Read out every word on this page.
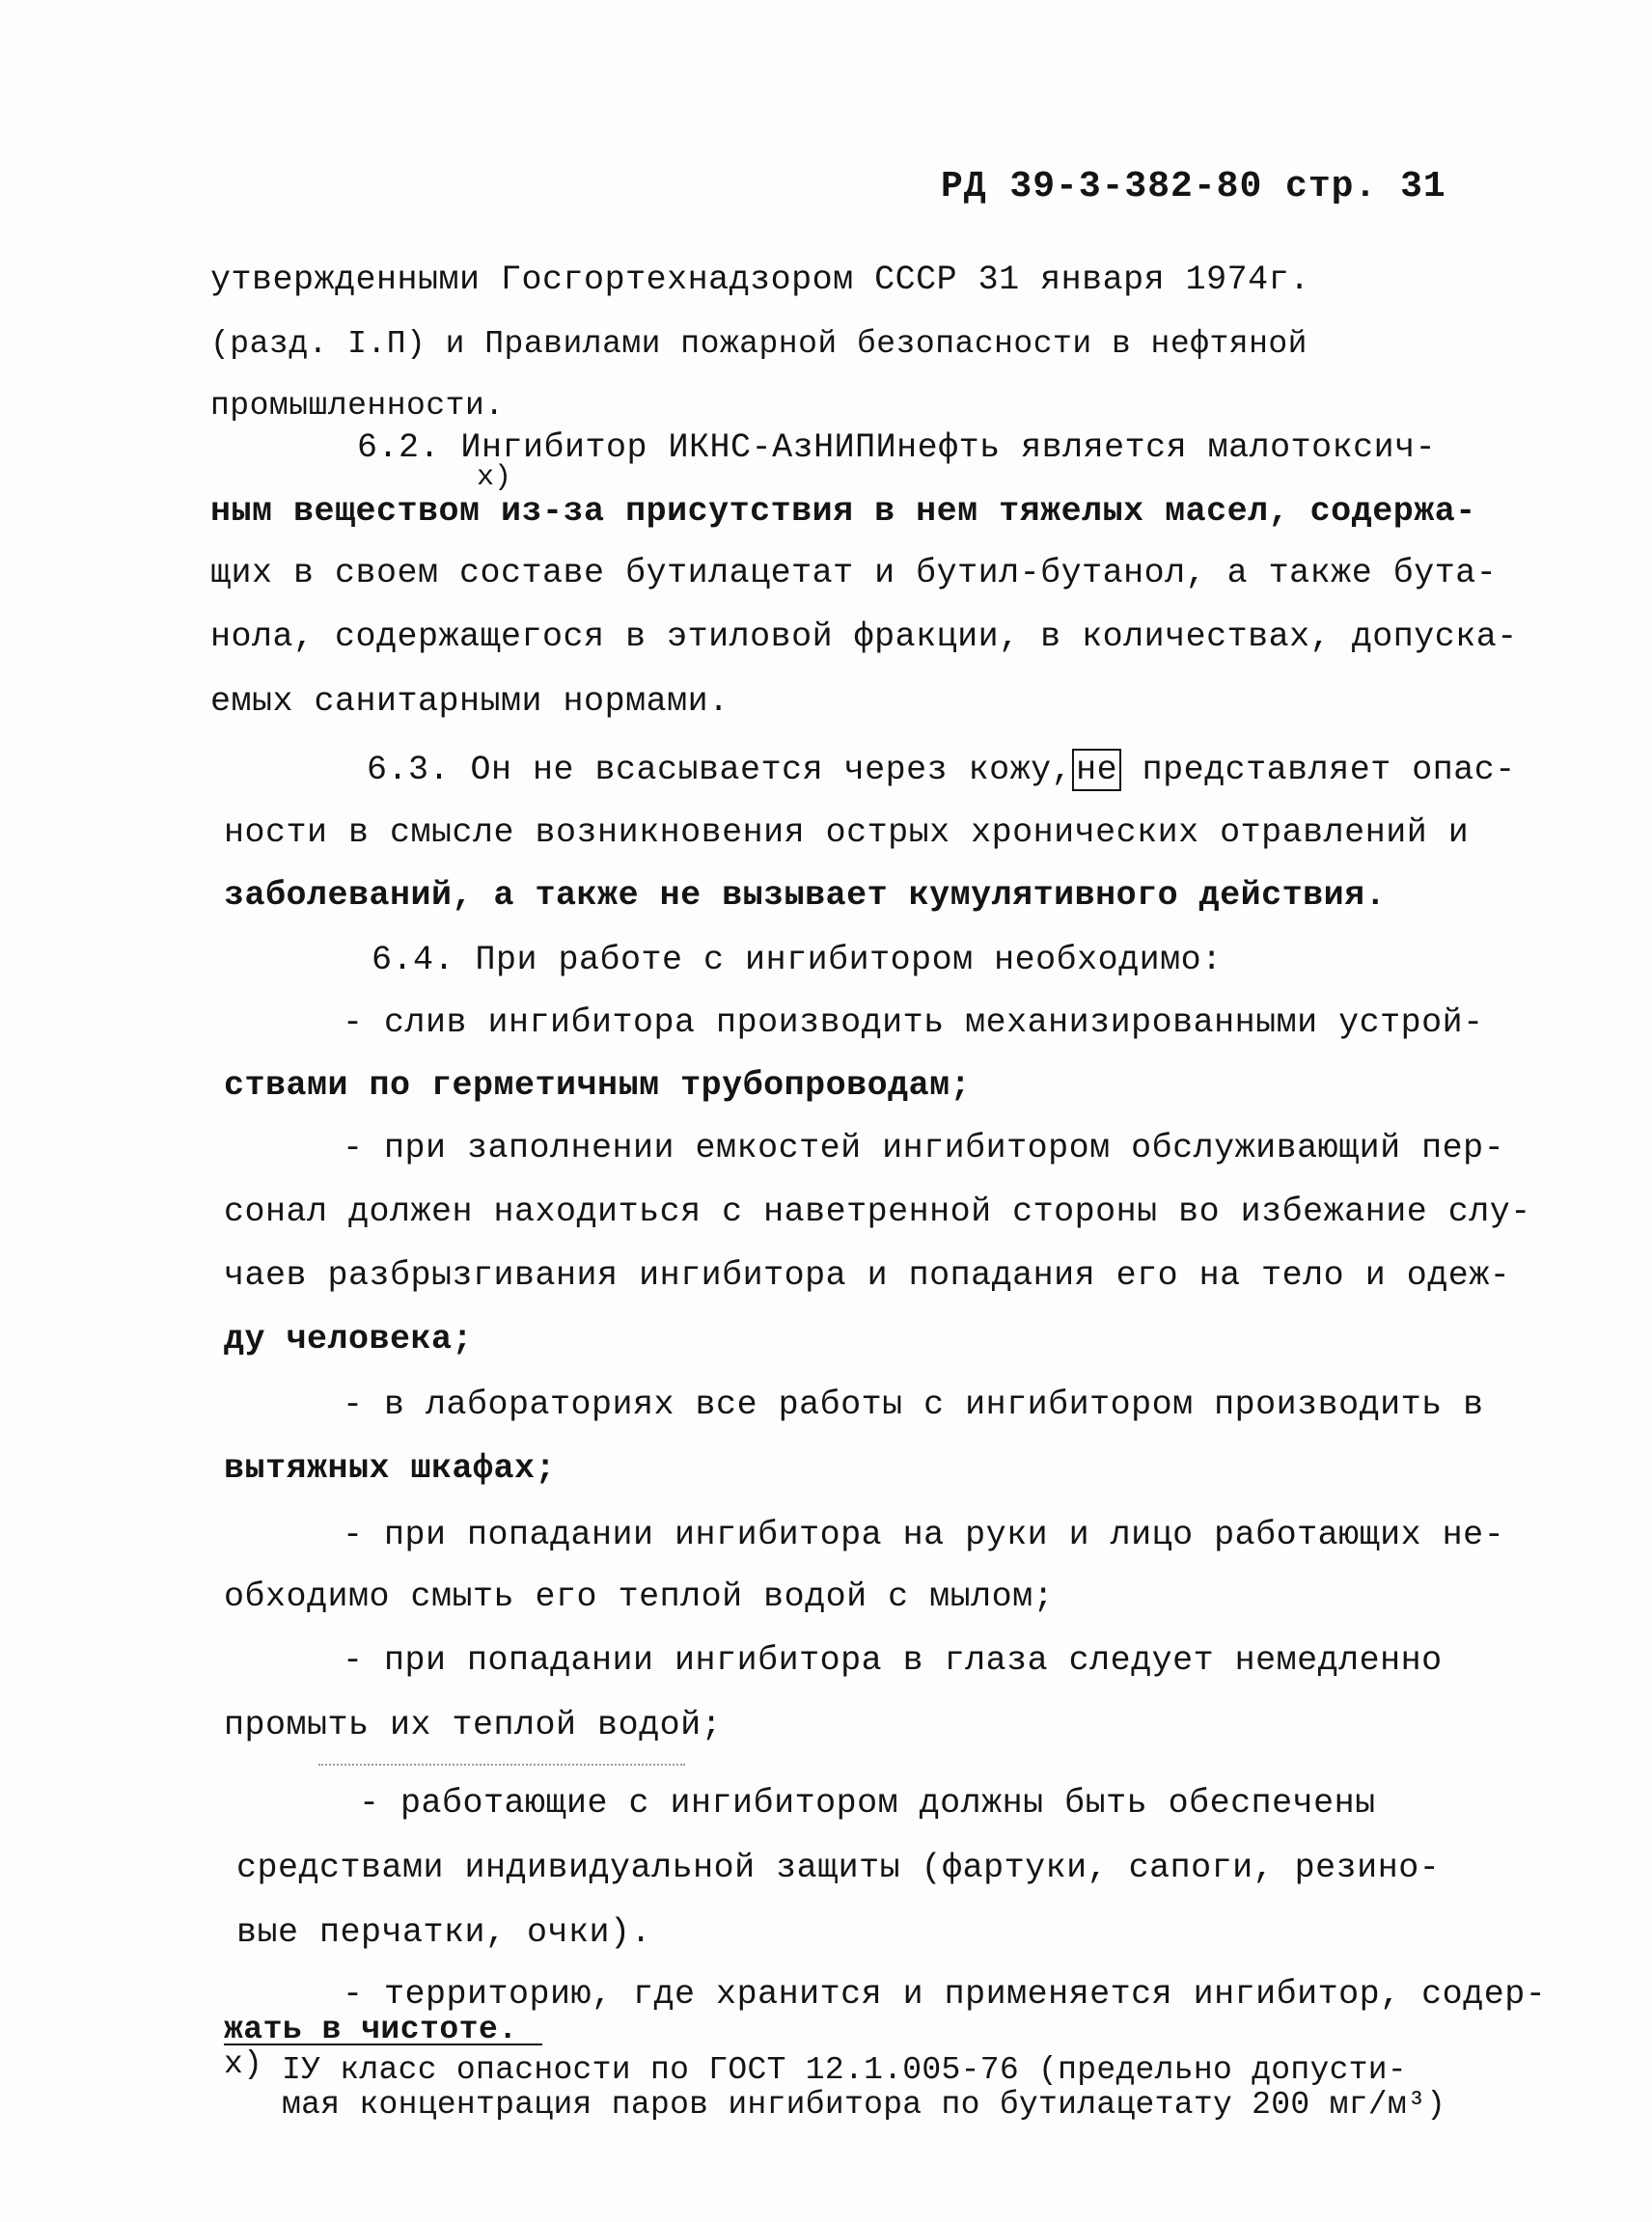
РД 39-3-382-80 стр. 31
утвержденными Госгортехнадзором СССР 31 января 1974г.
(разд. I.П) и Правилами пожарной безопасности в нефтяной
промышленности.
6.2. Ингибитор ИКНС-АзНИПИнефть является малотоксич-
х)
ным веществом из-за присутствия в нем тяжелых масел, содержа-
щих в своем составе бутилацетат и бутил-бутанол, а также бута-
нола, содержащегося в этиловой фракции, в количествах, допуска-
емых санитарными нормами.
6.3. Он не всасывается через кожу, не представляет опас-
ности в смысле возникновения острых хронических отравлений и
заболеваний, а также не вызывает кумулятивного действия.
6.4. При работе с ингибитором необходимо:
- слив ингибитора производить механизированными устрой-
ствами по герметичным трубопроводам;
- при заполнении емкостей ингибитором обслуживающий пер-
сонал должен находиться с наветренной стороны во избежание слу-
чаев разбрызгивания ингибитора и попадания его на тело и одеж-
ду человека;
- в лабораториях все работы с ингибитором производить в
вытяжных шкафах;
- при попадании ингибитора на руки и лицо работающих не-
обходимо смыть его теплой водой с мылом;
- при попадании ингибитора в глаза следует немедленно
промыть их теплой водой;
- работающие с ингибитором должны быть обеспечены
средствами индивидуальной защиты (фартуки, сапоги, резино-
вые перчатки, очки).
- территорию, где хранится и применяется ингибитор, содер-
жать в чистоте.
х) IУ класс опасности по ГОСТ 12.1.005-76 (предельно допусти-
мая концентрация паров ингибитора по бутилацетату 200 мг/м³)
